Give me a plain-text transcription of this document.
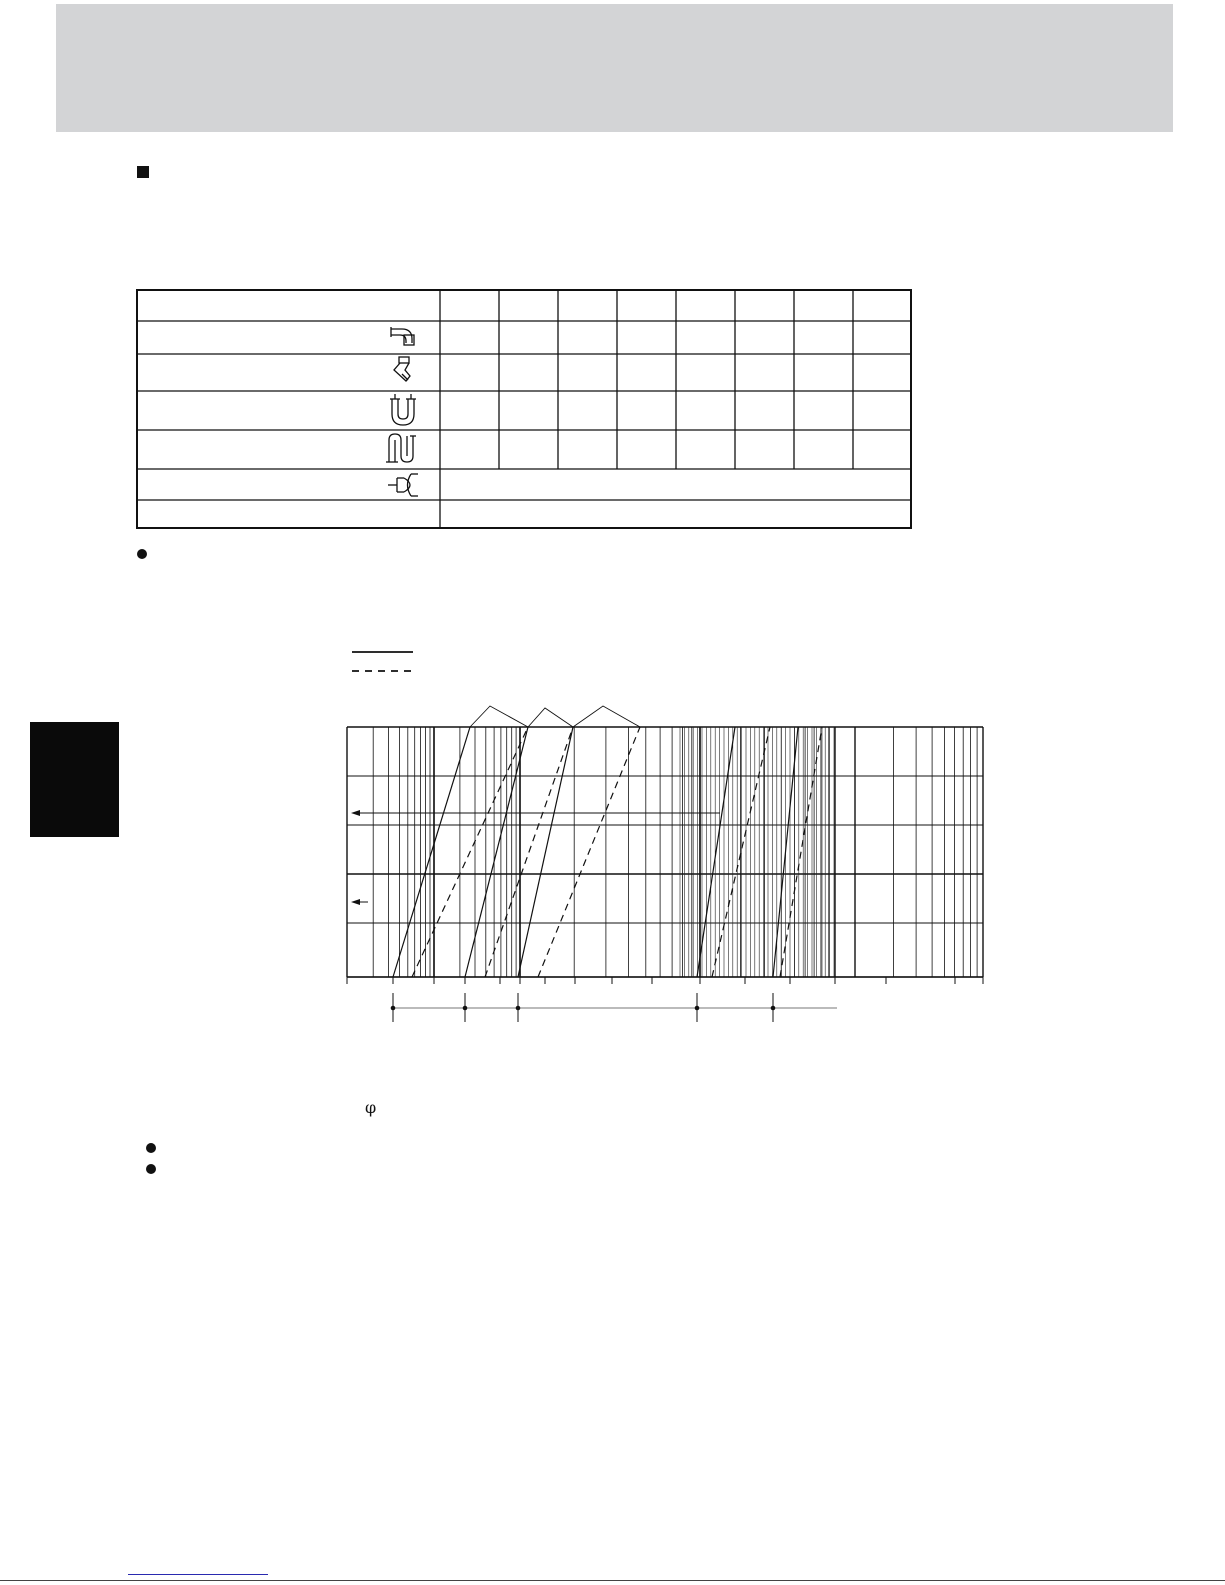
φ
